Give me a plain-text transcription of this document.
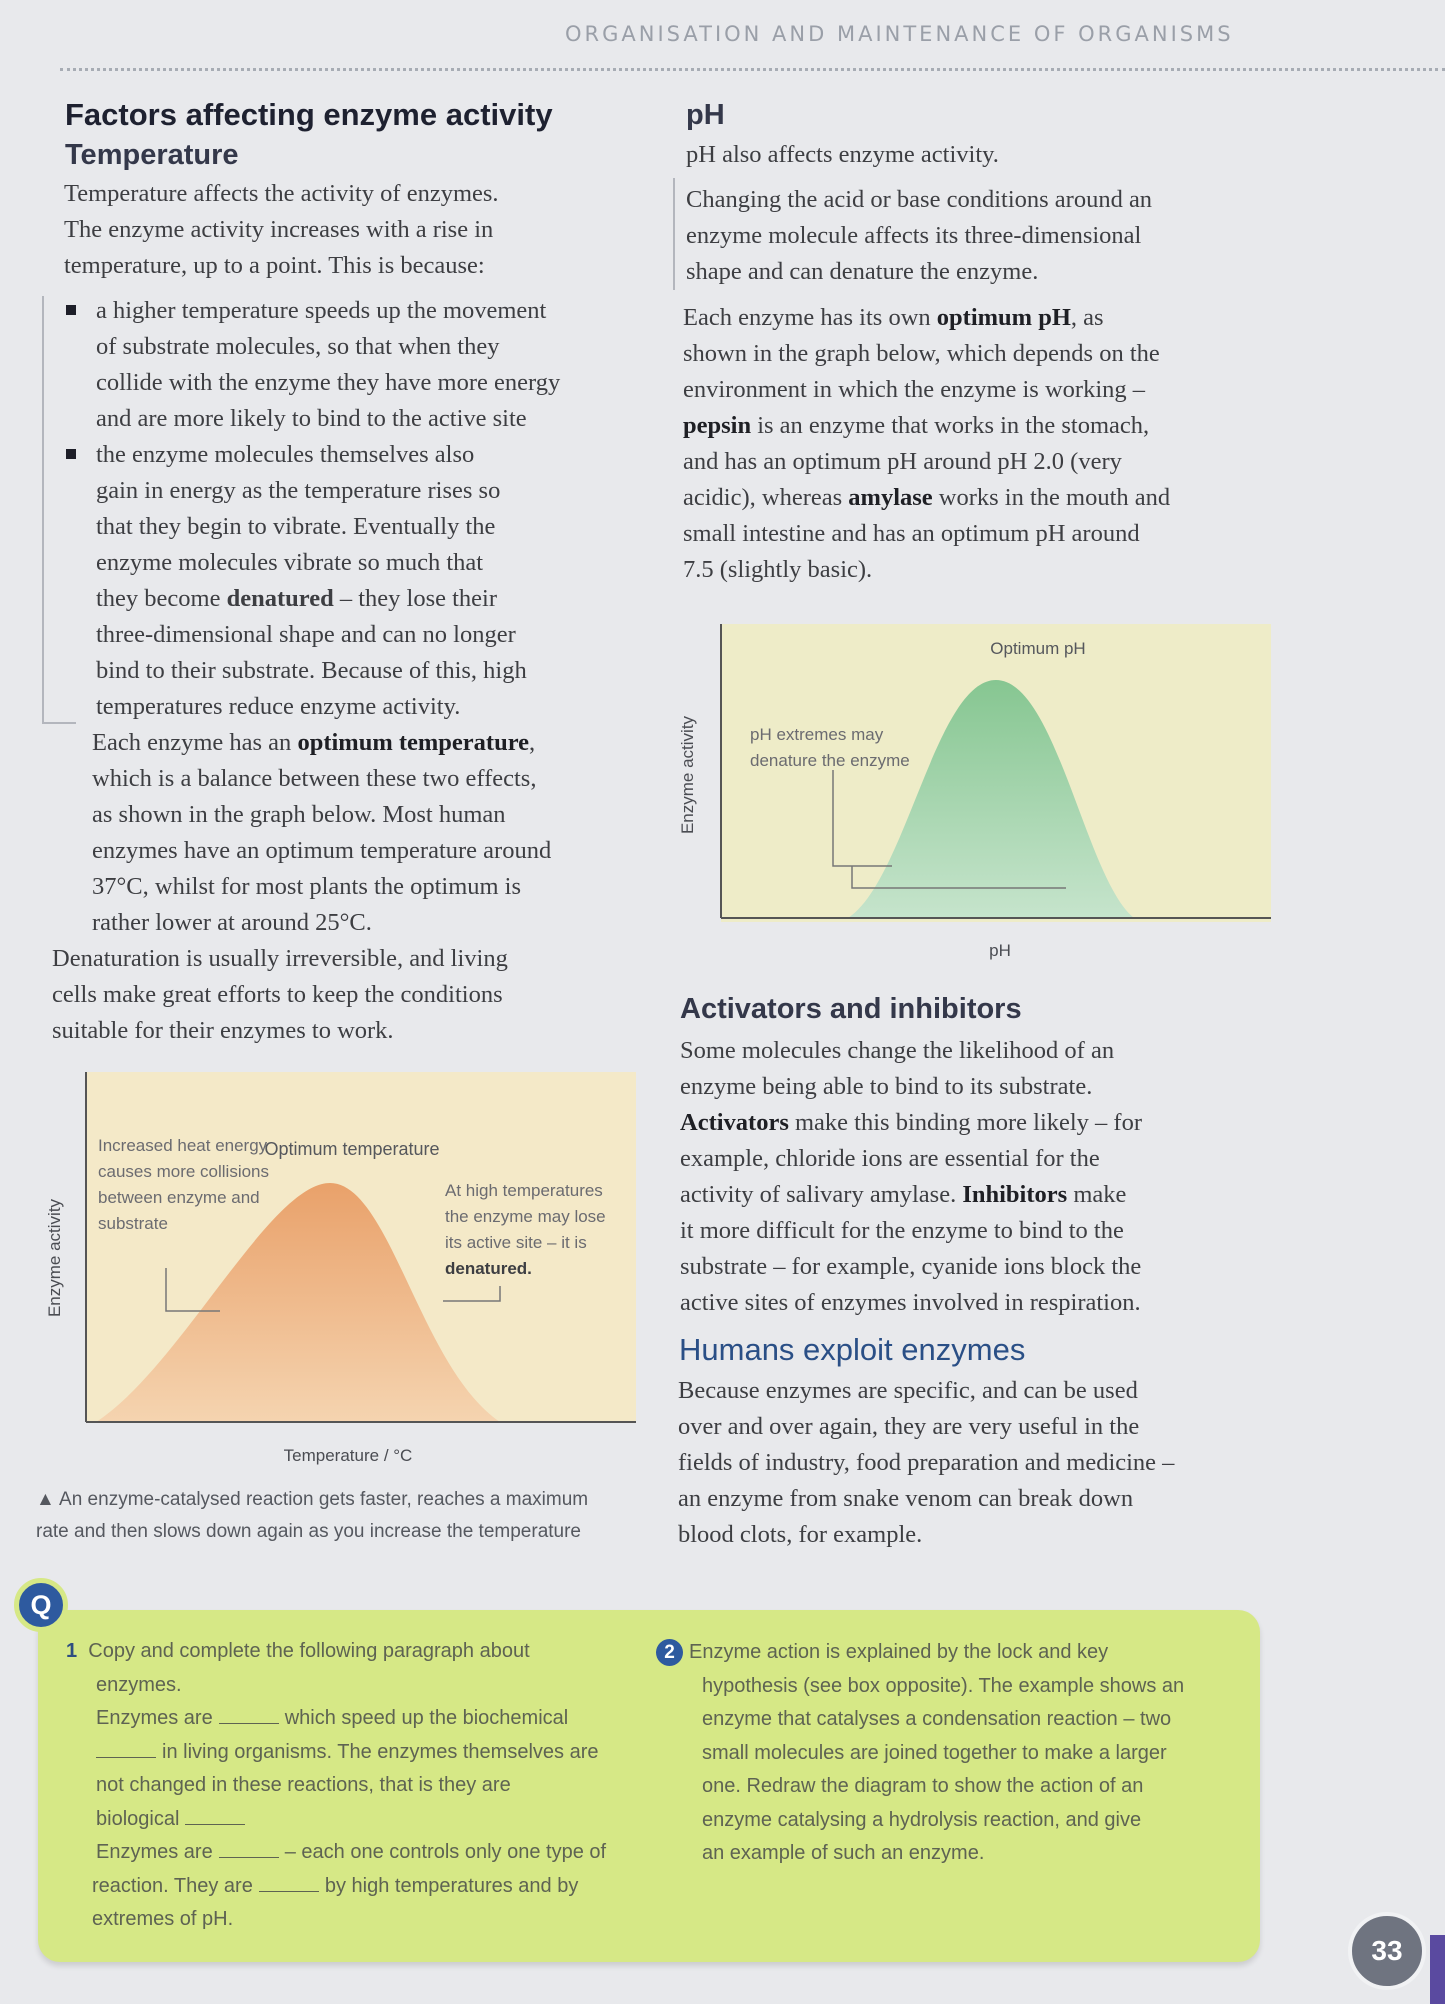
ORGANISATION AND MAINTENANCE OF ORGANISMS
Factors affecting enzyme activity
Temperature
Temperature affects the activity of enzymes.
The enzyme activity increases with a rise in
temperature, up to a point. This is because:
a higher temperature speeds up the movement
of substrate molecules, so that when they
collide with the enzyme they have more energy
and are more likely to bind to the active site
the enzyme molecules themselves also
gain in energy as the temperature rises so
that they begin to vibrate. Eventually the
enzyme molecules vibrate so much that
they become denatured – they lose their
three-dimensional shape and can no longer
bind to their substrate. Because of this, high
temperatures reduce enzyme activity.
Each enzyme has an optimum temperature,
which is a balance between these two effects,
as shown in the graph below. Most human
enzymes have an optimum temperature around
37°C, whilst for most plants the optimum is
rather lower at around 25°C.
Denaturation is usually irreversible, and living
cells make great efforts to keep the conditions
suitable for their enzymes to work.
Increased heat energy
causes more collisions
between enzyme and
substrate
Optimum temperature
At high temperatures
the enzyme may lose
its active site – it is
denatured.
Temperature / °C
Enzyme activity
▲ An enzyme-catalysed reaction gets faster, reaches a maximum
rate and then slows down again as you increase the temperature
pH
pH also affects enzyme activity.
Changing the acid or base conditions around an
enzyme molecule affects its three-dimensional
shape and can denature the enzyme.
Each enzyme has its own optimum pH, as
shown in the graph below, which depends on the
environment in which the enzyme is working –
pepsin is an enzyme that works in the stomach,
and has an optimum pH around pH 2.0 (very
acidic), whereas amylase works in the mouth and
small intestine and has an optimum pH around
7.5 (slightly basic).
Optimum pH
pH extremes may
denature the enzyme
pH
Enzyme activity
Activators and inhibitors
Some molecules change the likelihood of an
enzyme being able to bind to its substrate.
Activators make this binding more likely – for
example, chloride ions are essential for the
activity of salivary amylase. Inhibitors make
it more difficult for the enzyme to bind to the
substrate – for example, cyanide ions block the
active sites of enzymes involved in respiration.
Humans exploit enzymes
Because enzymes are specific, and can be used
over and over again, they are very useful in the
fields of industry, food preparation and medicine –
an enzyme from snake venom can break down
blood clots, for example.
Q
1 Copy and complete the following paragraph about
enzymes.
Enzymes are	which speed up the biochemical
in living organisms. The enzymes themselves are
not changed in these reactions, that is they are
biological
Enzymes are	– each one controls only one type of
reaction. They are	by high temperatures and by
extremes of pH.
2 Enzyme action is explained by the lock and key
hypothesis (see box opposite). The example shows an
enzyme that catalyses a condensation reaction – two
small molecules are joined together to make a larger
one. Redraw the diagram to show the action of an
enzyme catalysing a hydrolysis reaction, and give
an example of such an enzyme.
33
